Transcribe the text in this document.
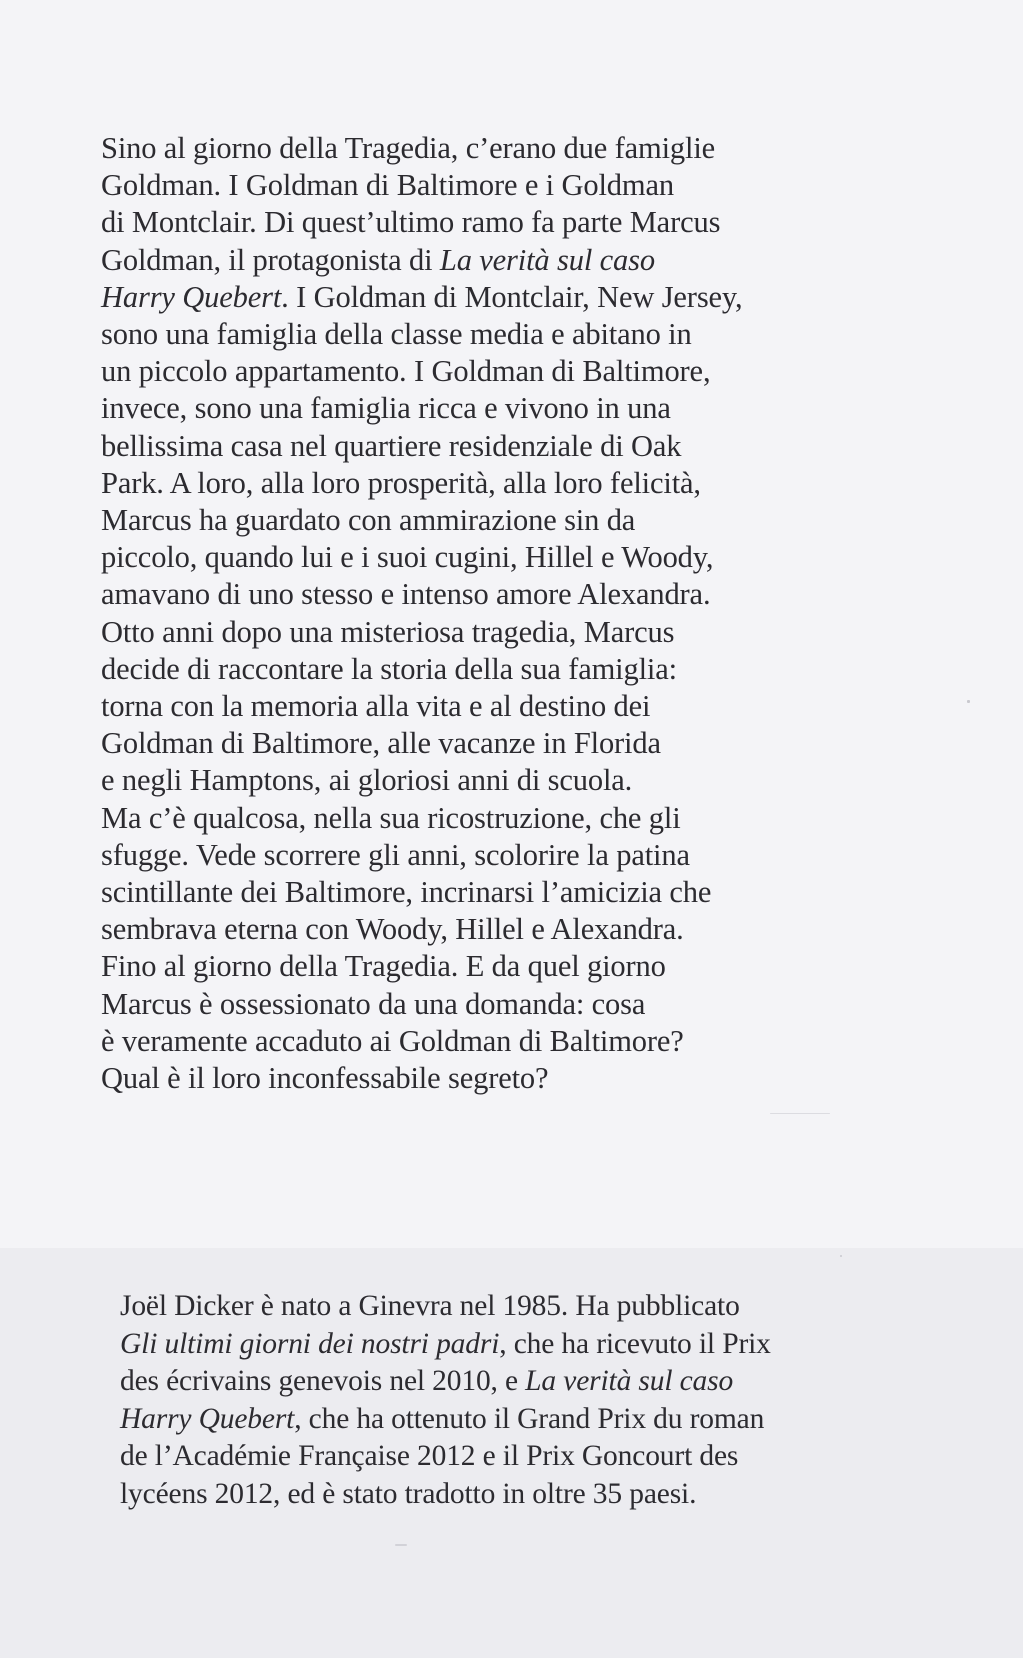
Sino al giorno della Tragedia, c’erano due famiglie
Goldman. I Goldman di Baltimore e i Goldman
di Montclair. Di quest’ultimo ramo fa parte Marcus
Goldman, il protagonista di La verità sul caso
Harry Quebert. I Goldman di Montclair, New Jersey,
sono una famiglia della classe media e abitano in
un piccolo appartamento. I Goldman di Baltimore,
invece, sono una famiglia ricca e vivono in una
bellissima casa nel quartiere residenziale di Oak
Park. A loro, alla loro prosperità, alla loro felicità,
Marcus ha guardato con ammirazione sin da
piccolo, quando lui e i suoi cugini, Hillel e Woody,
amavano di uno stesso e intenso amore Alexandra.
Otto anni dopo una misteriosa tragedia, Marcus
decide di raccontare la storia della sua famiglia:
torna con la memoria alla vita e al destino dei
Goldman di Baltimore, alle vacanze in Florida
e negli Hamptons, ai gloriosi anni di scuola.
Ma c’è qualcosa, nella sua ricostruzione, che gli
sfugge. Vede scorrere gli anni, scolorire la patina
scintillante dei Baltimore, incrinarsi l’amicizia che
sembrava eterna con Woody, Hillel e Alexandra.
Fino al giorno della Tragedia. E da quel giorno
Marcus è ossessionato da una domanda: cosa
è veramente accaduto ai Goldman di Baltimore?
Qual è il loro inconfessabile segreto?
Joël Dicker è nato a Ginevra nel 1985. Ha pubblicato
Gli ultimi giorni dei nostri padri, che ha ricevuto il Prix
des écrivains genevois nel 2010, e La verità sul caso
Harry Quebert, che ha ottenuto il Grand Prix du roman
de l’Académie Française 2012 e il Prix Goncourt des
lycéens 2012, ed è stato tradotto in oltre 35 paesi.
